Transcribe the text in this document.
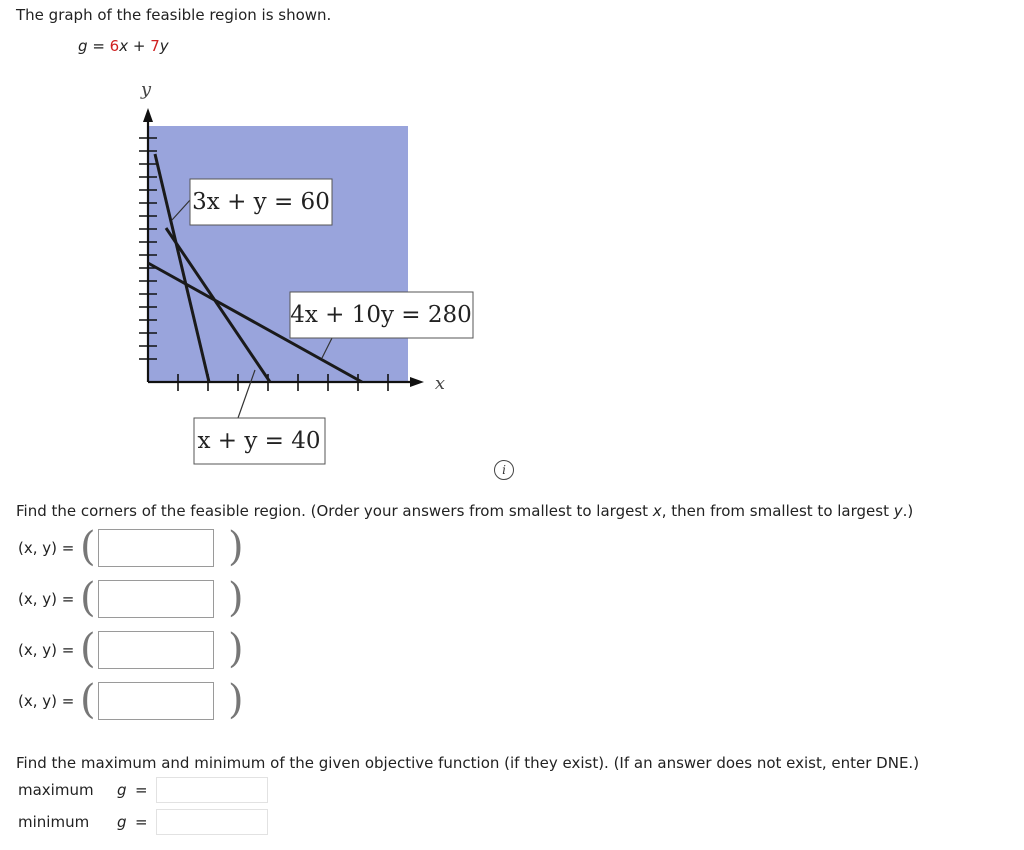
The graph of the feasible region is shown.
g = 6x + 7y
3x + y = 60
4x + 10y = 280
x + y = 40
y
x
i
Find the corners of the feasible region. (Order your answers from smallest to largest x, then from smallest to largest y.)
(x, y) = (	)
(x, y) = (	)
(x, y) = (	)
(x, y) = (	)
Find the maximum and minimum of the given objective function (if they exist). (If an answer does not exist, enter DNE.)
maximum g =
minimum g =
